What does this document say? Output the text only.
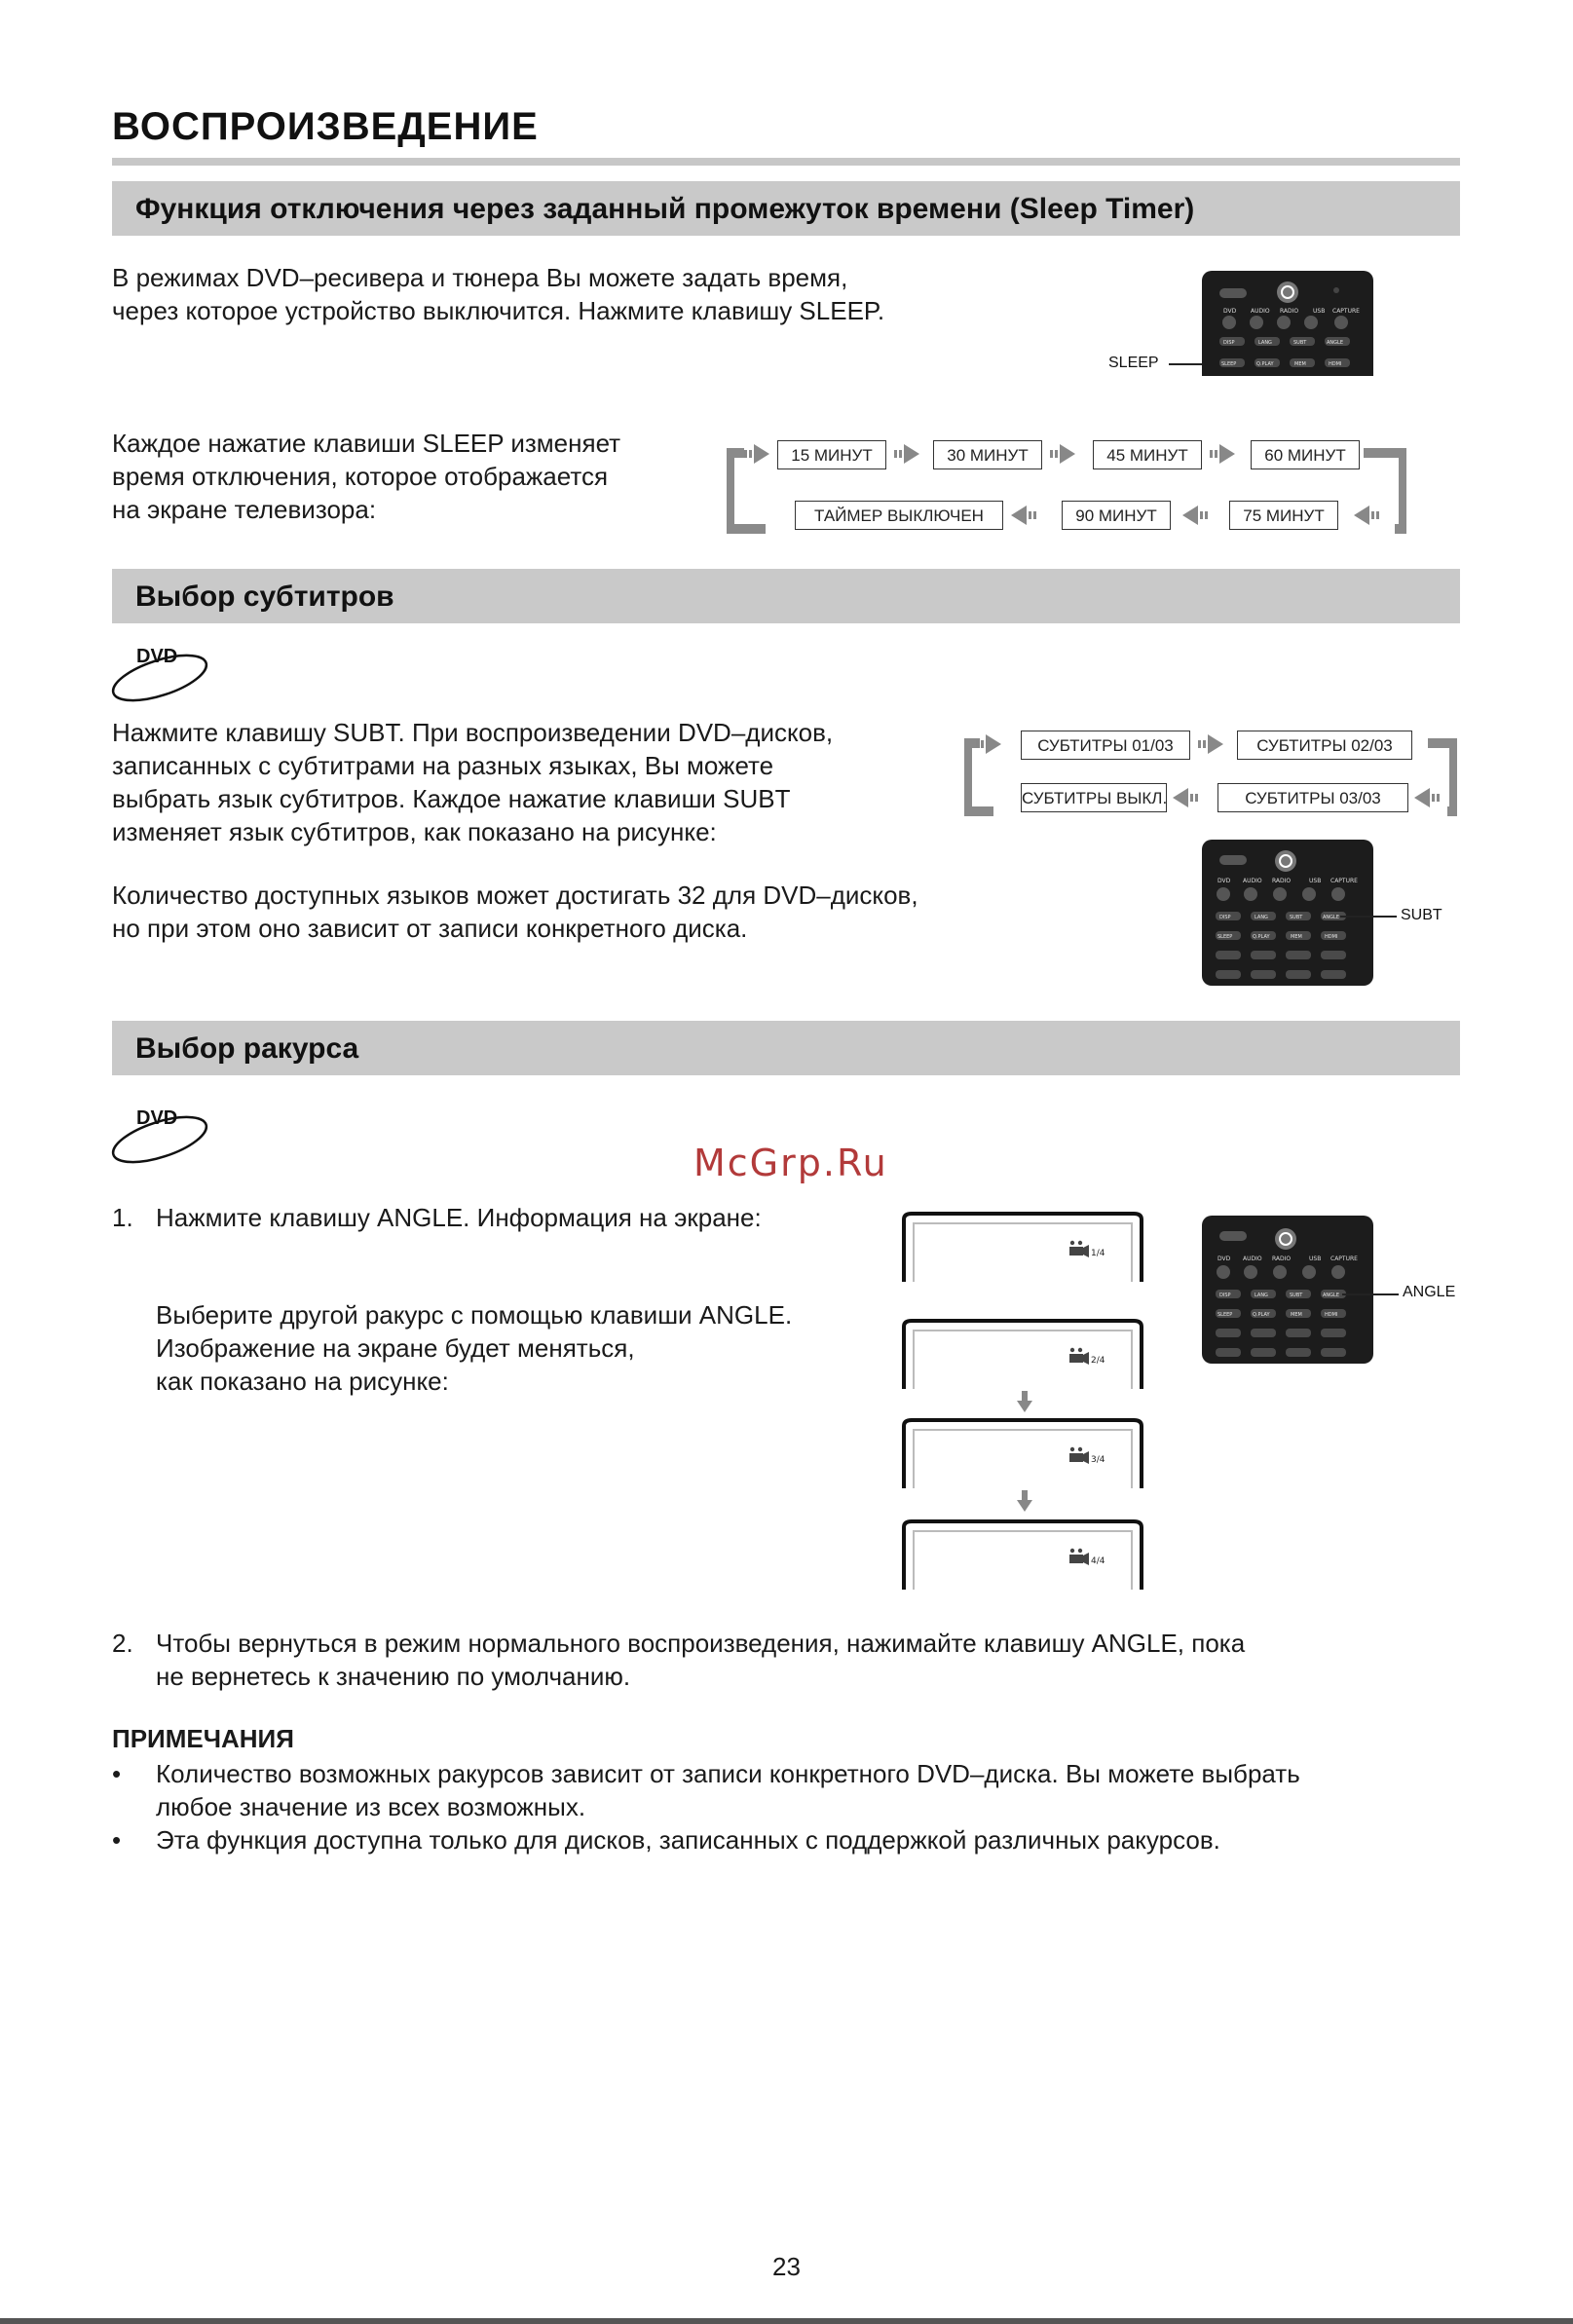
ВОСПРОИЗВЕДЕНИЕ
Функция отключения через заданный промежуток времени (Sleep Timer)

В режимах DVD–ресивера и тюнера Вы можете задать время,

через которое устройство выключится. Нажмите клавишу SLEEP.	DVD AUDIO RADIO USB CAPTURE
DISP	LANG	SUBT	ANGLE
SLEEP	Q.PLAY	MEM	HDMI
SLEEP

Каждое нажатие клавиши SLEEP изменяет

время отключения, которое отображается

на экране телевизора:

15 МИНУТ	30 МИНУТ	45 МИНУТ	60 МИНУТ
ТАЙМЕР ВЫКЛЮЧЕН	90 МИНУТ	75 МИНУТ
Выбор субтитров
DVD

Нажмите клавишу SUBT. При воспроизведении DVD–дисков,

записанных с субтитрами на разных языках, Вы можете

выбрать язык субтитров. Каждое нажатие клавиши SUBT

изменяет язык субтитров, как показано на рисунке:

Количество доступных языков может достигать 32 для DVD–дисков,

но при этом оно зависит от записи конкретного диска.

СУБТИТРЫ 01/03	СУБТИТРЫ 02/03
СУБТИТРЫ ВЫКЛ.	СУБТИТРЫ 03/03
DVD AUDIO RADIO	USB CAPTURE
DISP	LANG	SUBT	ANGLE
SLEEP	Q.PLAY	MEM	HDMI
SUBT
Выбор ракурса
DVD
McGrp.Ru
1. Нажмите клавишу ANGLE. Информация на экране:

Выберите другой ракурс с помощью клавиши ANGLE.

Изображение на экране будет меняться,

как показано на рисунке:

1/4
2/4
3/4
4/4
DVD AUDIO RADIO	USB CAPTURE
DISP	LANG	SUBT	ANGLE
SLEEP	Q.PLAY	MEM	HDMI
ANGLE
2. Чтобы вернуться в режим нормального воспроизведения, нажимайте клавишу ANGLE, пока

не вернетесь к значению по умолчанию.

ПРИМЕЧАНИЯ
• Количество возможных ракурсов зависит от записи конкретного DVD–диска. Вы можете выбрать
любое значение из всех возможных.
• Эта функция доступна только для дисков, записанных с поддержкой различных ракурсов.
23
